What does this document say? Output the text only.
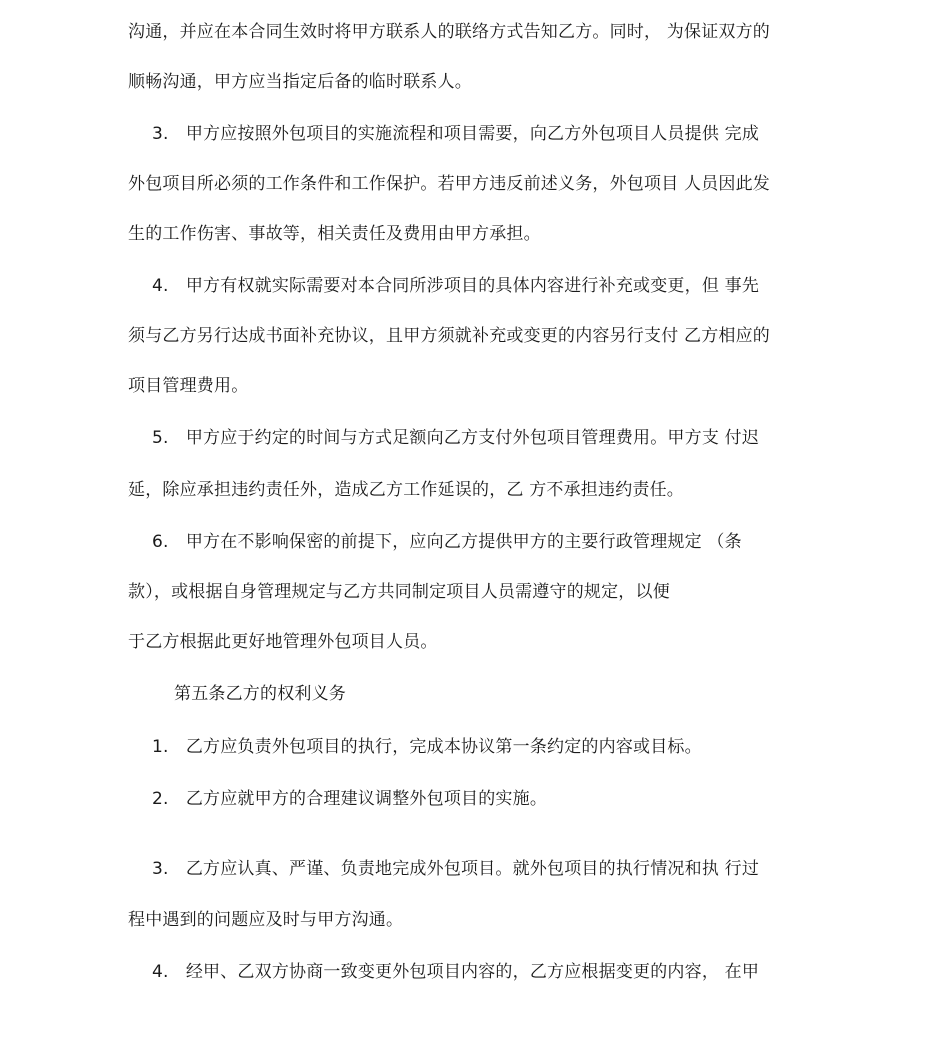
沟通，并应在本合同生效时将甲方联系人的联络方式告知乙方。同时， 为保证双方的
顺畅沟通，甲方应当指定后备的临时联系人。
3.　甲方应按照外包项目的实施流程和项目需要，向乙方外包项目人员提供 完成
外包项目所必须的工作条件和工作保护。若甲方违反前述义务，外包项目 人员因此发
生的工作伤害、事故等，相关责任及费用由甲方承担。
4.　甲方有权就实际需要对本合同所涉项目的具体内容进行补充或变更，但 事先
须与乙方另行达成书面补充协议，且甲方须就补充或变更的内容另行支付 乙方相应的
项目管理费用。
5.　甲方应于约定的时间与方式足额向乙方支付外包项目管理费用。甲方支 付迟
延，除应承担违约责任外，造成乙方工作延误的，乙 方不承担违约责任。
6.　甲方在不影响保密的前提下，应向乙方提供甲方的主要行政管理规定 （条
款），或根据自身管理规定与乙方共同制定项目人员需遵守的规定，以便
于乙方根据此更好地管理外包项目人员。
第五条乙方的权利义务
1.　乙方应负责外包项目的执行，完成本协议第一条约定的内容或目标。
2.　乙方应就甲方的合理建议调整外包项目的实施。
3.　乙方应认真、严谨、负责地完成外包项目。就外包项目的执行情况和执 行过
程中遇到的问题应及时与甲方沟通。
4.　经甲、乙双方协商一致变更外包项目内容的，乙方应根据变更的内容， 在甲
